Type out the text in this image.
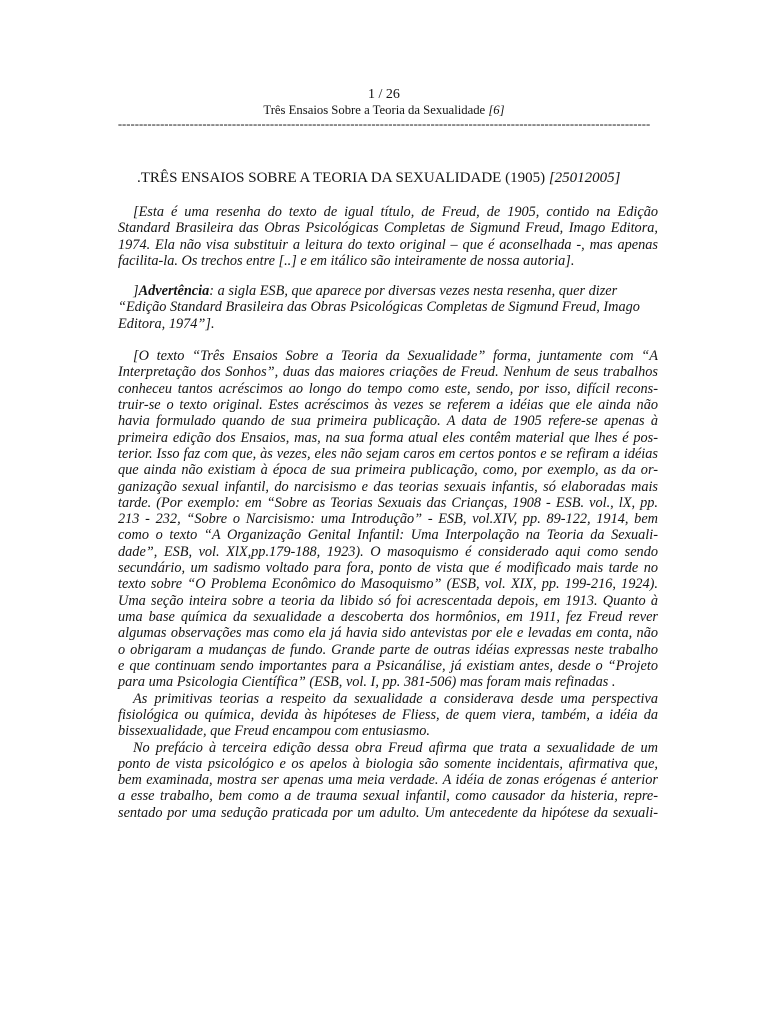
1 / 26
Três Ensaios Sobre a Teoria da Sexualidade [6]
------------------------------------------------------------------------------------------------------------------------------
.TRÊS ENSAIOS SOBRE A TEORIA DA SEXUALIDADE (1905) [25012005]
[Esta é uma resenha do texto de igual título, de Freud, de 1905, contido na Edição
Standard Brasileira das Obras Psicológicas Completas de Sigmund Freud, Imago Editora,
1974. Ela não visa substituir a leitura do texto original – que é aconselhada -, mas apenas
facilita-la. Os trechos entre [..] e em itálico são inteiramente de nossa autoria].
]Advertência: a sigla ESB, que aparece por diversas vezes nesta resenha, quer dizer
“Edição Standard Brasileira das Obras Psicológicas Completas de Sigmund Freud, Imago
Editora, 1974”].
[O texto “Três Ensaios Sobre a Teoria da Sexualidade” forma, juntamente com “A
Interpretação dos Sonhos”, duas das maiores criações de Freud. Nenhum de seus trabalhos
conheceu tantos acréscimos ao longo do tempo como este, sendo, por isso, difícil recons-
truir-se o texto original. Estes acréscimos às vezes se referem a idéias que ele ainda não
havia formulado quando de sua primeira publicação. A data de 1905 refere-se apenas à
primeira edição dos Ensaios, mas, na sua forma atual eles contêm material que lhes é pos-
terior. Isso faz com que, às vezes, eles não sejam caros em certos pontos e se refiram a idéias
que ainda não existiam à época de sua primeira publicação, como, por exemplo, as da or-
ganização sexual infantil, do narcisismo e das teorias sexuais infantis, só elaboradas mais
tarde. (Por exemplo: em “Sobre as Teorias Sexuais das Crianças, 1908 - ESB. vol., lX, pp.
213 - 232, “Sobre o Narcisismo: uma Introdução” - ESB, vol.XIV, pp. 89-122, 1914, bem
como o texto “A Organização Genital Infantil: Uma Interpolação na Teoria da Sexuali-
dade”, ESB, vol. XlX,pp.179-188, 1923). O masoquismo é considerado aqui como sendo
secundário, um sadismo voltado para fora, ponto de vista que é modificado mais tarde no
texto sobre “O Problema Econômico do Masoquismo” (ESB, vol. XIX, pp. 199-216, 1924).
Uma seção inteira sobre a teoria da libido só foi acrescentada depois, em 1913. Quanto à
uma base química da sexualidade a descoberta dos hormônios, em 1911, fez Freud rever
algumas observações mas como ela já havia sido antevistas por ele e levadas em conta, não
o obrigaram a mudanças de fundo. Grande parte de outras idéias expressas neste trabalho
e que continuam sendo importantes para a Psicanálise, já existiam antes, desde o “Projeto
para uma Psicologia Científica” (ESB, vol. I, pp. 381-506) mas foram mais refinadas .
As primitivas teorias a respeito da sexualidade a considerava desde uma perspectiva
fisiológica ou química, devida às hipóteses de Fliess, de quem viera, também, a idéia da
bissexualidade, que Freud encampou com entusiasmo.
No prefácio à terceira edição dessa obra Freud afirma que trata a sexualidade de um
ponto de vista psicológico e os apelos à biologia são somente incidentais, afirmativa que,
bem examinada, mostra ser apenas uma meia verdade. A idéia de zonas erógenas é anterior
a esse trabalho, bem como a de trauma sexual infantil, como causador da histeria, repre-
sentado por uma sedução praticada por um adulto. Um antecedente da hipótese da sexuali-
